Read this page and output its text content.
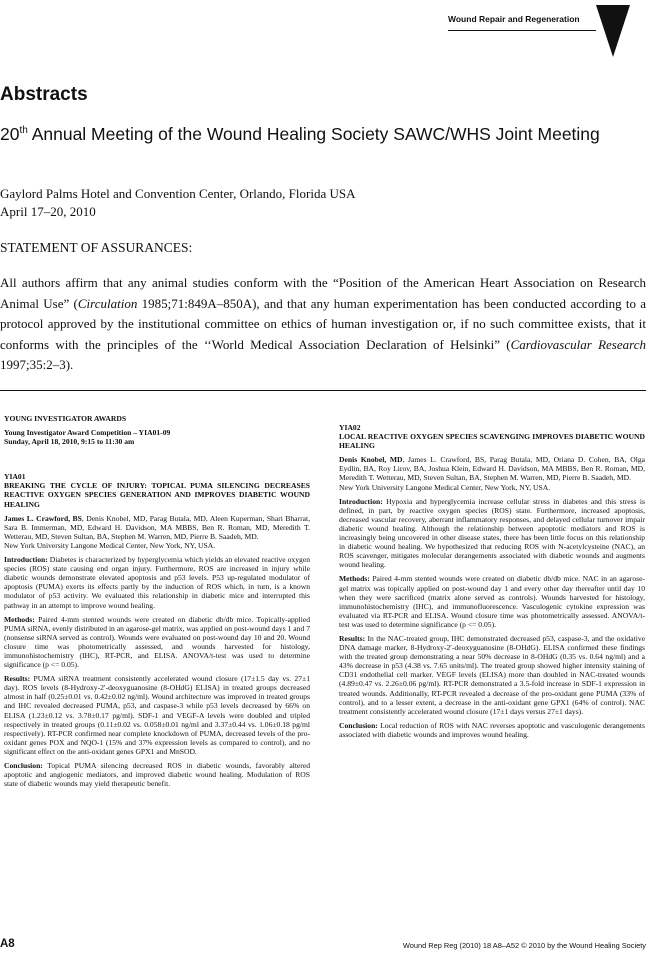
Wound Repair and Regeneration
Abstracts
20th Annual Meeting of the Wound Healing Society SAWC/WHS Joint Meeting
Gaylord Palms Hotel and Convention Center, Orlando, Florida USA
April 17–20, 2010
STATEMENT OF ASSURANCES:

All authors affirm that any animal studies conform with the “Position of the American Heart Association on Research Animal Use” (Circulation 1985;71:849A–850A), and that any human experimentation has been conducted according to a protocol approved by the institutional committee on ethics of human investigation or, if no such committee exists, that it conforms with the principles of the ‘‘World Medical Association Declaration of Helsinki” (Cardiovascular Research 1997;35:2–3).

YOUNG INVESTIGATOR AWARDS

Young Investigator Award Competition – YIA01-09
Sunday, April 18, 2010, 9:15 to 11:30 am
YIA01

BREAKING THE CYCLE OF INJURY: TOPICAL PUMA SILENCING DECREASES REACTIVE OXYGEN SPECIES GENERATION AND IMPROVES DIABETIC WOUND HEALING

James L. Crawford, BS, Denis Knobel, MD, Parag Butala, MD, Aleen Kuperman, Shari Bharrat, Sara B. Immerman, MD, Edward H. Davidson, MA MBBS, Ben R. Roman, MD, Meredith T. Wetterau, MD, Steven Sultan, BA, Stephen M. Warren, MD, Pierre B. Saadeh, MD.

New York University Langone Medical Center, New York, NY, USA.

Introduction: Diabetes is characterized by hyperglycemia which yields an elevated reactive oxygen species (ROS) state causing end organ injury. Furthermore, ROS are increased in injury while diabetic wounds demonstrate elevated apoptosis and p53 levels. P53 up-regulated modulator of apoptosis (PUMA) exerts its effects partly by the induction of ROS which, in turn, is a known modulator of p53 activity. We evaluated this relationship in diabetic mice and interrupted this pathway in an attempt to improve wound healing.

Methods: Paired 4-mm stented wounds were created on diabetic db/db mice. Topically-applied PUMA siRNA, evenly distributed in an agarose-gel matrix, was applied on post-wound days 1 and 7 (nonsense siRNA served as control). Wounds were evaluated on post-wound day 10 and 20. Wound closure time was photometrically assessed, and wounds harvested for histology, immunohistochemistry (IHC), RT-PCR, and ELISA. ANOVA/t-test was used to determine significance (p <= 0.05).

Results: PUMA siRNA treatment consistently accelerated wound closure (17±1.5 day vs. 27±1 day). ROS levels (8-Hydroxy-2′-deoxyguanosine (8-OHdG) ELISA) in treated groups decreased almost in half (0.25±0.01 vs. 0.42±0.02 ng/ml). Wound architecture was improved in treated groups and IHC revealed decreased PUMA, p53, and caspase-3 while p53 levels decreased by 66% on ELISA (1.23±0.12 vs. 3.78±0.17 pg/ml). SDF-1 and VEGF-A levels were doubled and tripled respectively in treated groups (0.11±0.02 vs. 0.058±0.01 ng/ml and 3.37±0.44 vs. 1.06±0.18 pg/ml respectively). RT-PCR confirmed near complete knockdown of PUMA, decreased levels of the pro-oxidant genes POX and NQO-1 (15% and 37% expression levels as compared to control), and no significant effect on the anti-oxidant genes GPX1 and MnSOD.

Conclusion: Topical PUMA silencing decreased ROS in diabetic wounds, favorably altered apoptotic and angiogenic mediators, and improved diabetic wound healing. Modulation of ROS state of diabetic wounds may yield therapeutic benefit.

YIA02

LOCAL REACTIVE OXYGEN SPECIES SCAVENGING IMPROVES DIABETIC WOUND HEALING

Denis Knobel, MD, James L. Crawford, BS, Parag Butala, MD, Oriana D. Cohen, BA, Olga Eydlin, BA, Roy Lirov, BA, Joshua Klein, Edward H. Davidson, MA MBBS, Ben R. Roman, MD, Meredith T. Wetterau, MD, Steven Sultan, BA, Stephen M. Warren, MD, Pierre B. Saadeh, MD.

New York University Langone Medical Center, New York, NY, USA.

Introduction: Hypoxia and hyperglycemia increase cellular stress in diabetes and this stress is defined, in part, by reactive oxygen species (ROS) state. Furthermore, increased apoptosis, decreased vascular recovery, aberrant inflammatory responses, and delayed cellular turnover impair diabetic wound healing. Although the relationship between apoptotic mediators and ROS is increasingly being uncovered in other disease states, there has been little focus on this relationship in diabetic wound healing. We hypothesized that reducing ROS with N-acetylcysteine (NAC), an ROS scavenger, mitigates molecular derangements associated with diabetic wounds and augments wound healing.

Methods: Paired 4-mm stented wounds were created on diabetic db/db mice. NAC in an agarose-gel matrix was topically applied on post-wound day 1 and every other day thereafter until day 10 when they were sacrificed (matrix alone served as controls). Wounds harvested for histology, immunohistochemistry (IHC), and immunofluorescence. Vasculogenic cytokine expression was evaluated via RT-PCR and ELISA. Wound closure time was photometrically assessed. ANOVA/t-test was used to determine significance (p <= 0.05).

Results: In the NAC-treated group, IHC demonstrated decreased p53, caspase-3, and the oxidative DNA damage marker, 8-Hydroxy-2′-deoxyguanosine (8-OHdG). ELISA confirmed these findings with the treated group demonstrating a near 50% decrease in 8-OHdG (0.35 vs. 0.64 ng/ml) and a 43% decrease in p53 (4.38 vs. 7.65 units/ml). The treated group showed higher intensity staining of CD31 endothelial cell marker. VEGF levels (ELISA) more than doubled in NAC-treated wounds (4.89±0.47 vs. 2.26±0.06 pg/ml). RT-PCR demonstrated a 3.5-fold increase in SDF-1 expression in treated wounds. Additionally, RT-PCR revealed a decrease of the pro-oxidant gene PUMA (33% of control), and to a lesser extent, a decrease in the anti-oxidant gene GPX1 (64% of control). NAC treatment consistently accelerated wound closure (17±1 days versus 27±1 days).

Conclusion: Local reduction of ROS with NAC reverses apoptotic and vasculogenic derangements associated with diabetic wounds and improves wound healing.

A8	Wound Rep Reg (2010) 18 A8–A52 © 2010 by the Wound Healing Society
